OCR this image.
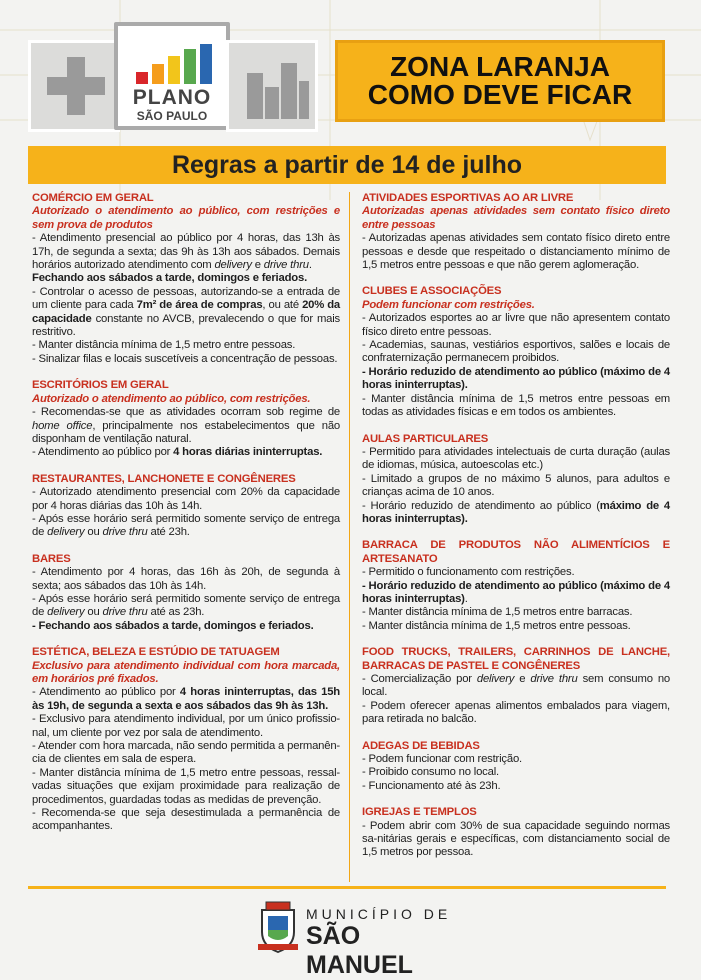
PLANO
SÃO PAULO
ZONA LARANJA
COMO DEVE FICAR
Regras a partir de 14 de julho
COMÉRCIO EM GERAL
Autorizado o atendimento ao público, com restrições e sem prova de produtos
- Atendimento presencial ao público por 4 horas, das 13h às 17h, de segunda a sexta; das 9h às 13h aos sábados. Demais horários autorizado atendimento com delivery e drive thru.
Fechando aos sábados a tarde, domingos e feriados.
- Controlar o acesso de pessoas, autorizando-se a entrada de um cliente para cada 7m² de área de compras, ou até 20% da capacidade constante no AVCB, prevalecendo o que for mais restritivo.
- Manter distância mínima de 1,5 metro entre pessoas.
- Sinalizar filas e locais suscetíveis a concentração de pessoas.
ESCRITÓRIOS EM GERAL
Autorizado o atendimento ao público, com restrições.
- Recomendas-se que as atividades ocorram sob regime de home office, principalmente nos estabelecimentos que não disponham de ventilação natural.
- Atendimento ao público por 4 horas diárias ininterruptas.
RESTAURANTES, LANCHONETE E CONGÊNERES
- Autorizado atendimento presencial com 20% da capacidade por 4 horas diárias das 10h às 14h.
- Após esse horário será permitido somente serviço de entrega de delivery ou drive thru até 23h.
BARES
- Atendimento por 4 horas, das 16h às 20h, de segunda à sexta; aos sábados das 10h às 14h.
- Após esse horário será permitido somente serviço de entrega de delivery ou drive thru até as 23h.
- Fechando aos sábados a tarde, domingos e feriados.
ESTÉTICA, BELEZA E ESTÚDIO DE TATUAGEM
Exclusivo para atendimento individual com hora marcada, em horários pré fixados.
- Atendimento ao público por 4 horas ininterruptas, das 15h às 19h, de segunda a sexta e aos sábados das 9h às 13h.
- Exclusivo para atendimento individual, por um único profissio-nal, um cliente por vez por sala de atendimento.
- Atender com hora marcada, não sendo permitida a permanên-cia de clientes em sala de espera.
- Manter distância mínima de 1,5 metro entre pessoas, ressal-vadas situações que exijam proximidade para realização de procedimentos, guardadas todas as medidas de prevenção.
- Recomenda-se que seja desestimulada a permanência de acompanhantes.
ATIVIDADES ESPORTIVAS AO AR LIVRE
Autorizadas apenas atividades sem contato físico direto entre pessoas
- Autorizadas apenas atividades sem contato físico direto entre pessoas e desde que respeitado o distanciamento mínimo de 1,5 metros entre pessoas e que não gerem aglomeração.
CLUBES E ASSOCIAÇÕES
Podem funcionar com restrições.
- Autorizados esportes ao ar livre que não apresentem contato físico direto entre pessoas.
- Academias, saunas, vestiários esportivos, salões e locais de confraternização permanecem proibidos.
- Horário reduzido de atendimento ao público (máximo de 4 horas ininterruptas).
- Manter distância mínima de 1,5 metros entre pessoas em todas as atividades físicas e em todos os ambientes.
AULAS PARTICULARES
- Permitido para atividades intelectuais de curta duração (aulas de idiomas, música, autoescolas etc.)
- Limitado a grupos de no máximo 5 alunos, para adultos e crianças acima de 10 anos.
- Horário reduzido de atendimento ao público (máximo de 4 horas ininterruptas).
BARRACA DE PRODUTOS NÃO ALIMENTÍCIOS E ARTESANATO
- Permitido o funcionamento com restrições.
- Horário reduzido de atendimento ao público (máximo de 4 horas ininterruptas).
- Manter distância mínima de 1,5 metros entre barracas.
- Manter distância mínima de 1,5 metros entre pessoas.
FOOD TRUCKS, TRAILERS, CARRINHOS DE LANCHE, BARRACAS DE PASTEL E CONGÊNERES
- Comercialização por delivery e drive thru sem consumo no local.
- Podem oferecer apenas alimentos embalados para viagem, para retirada no balcão.
ADEGAS DE BEBIDAS
- Podem funcionar com restrição.
- Proibido consumo no local.
- Funcionamento até às 23h.
IGREJAS E TEMPLOS
- Podem abrir com 30% de sua capacidade seguindo normas sa-nitárias gerais e específicas, com distanciamento social de 1,5 metros por pessoa.
MUNICÍPIO DE
SÃO MANUEL
